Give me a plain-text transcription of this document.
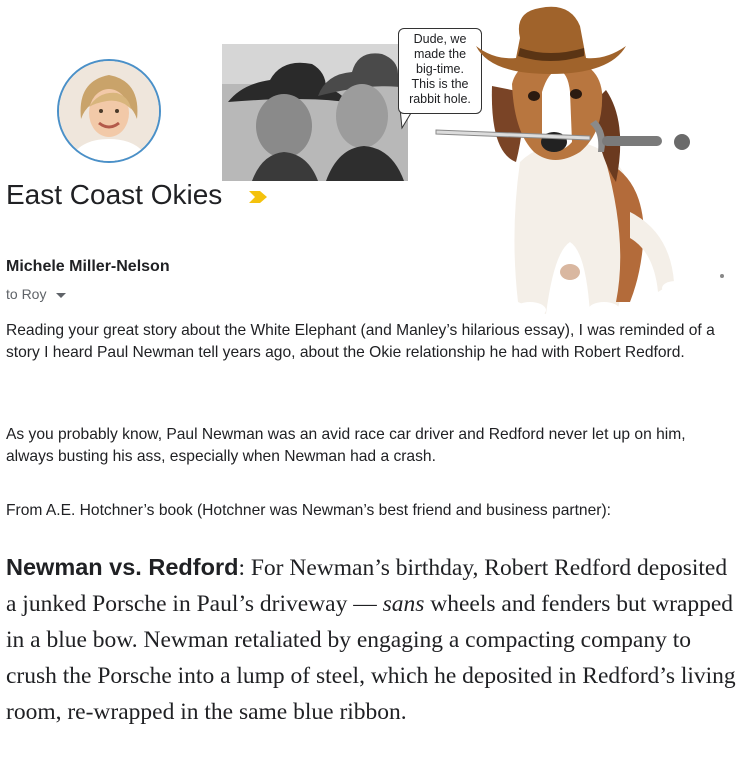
Dude, we
made the
big-time.
This is the
rabbit hole.
East Coast Okies
Michele Miller-Nelson
to Roy
Reading your great story about the White Elephant (and Manley’s hilarious essay), I was reminded of a story I heard Paul Newman tell years ago, about the Okie relationship he had with Robert Redford.
As you probably know, Paul Newman was an avid race car driver and Redford never let up on him, always busting his ass, especially when Newman had a crash.
From A.E. Hotchner’s book (Hotchner was Newman’s best friend and business partner):
Newman vs. Redford: For Newman’s birthday, Robert Redford deposited a junked Porsche in Paul’s driveway — sans wheels and fenders but wrapped in a blue bow. Newman retaliated by engaging a compacting company to crush the Porsche into a lump of steel, which he deposited in Redford’s living room, re-wrapped in the same blue ribbon.
